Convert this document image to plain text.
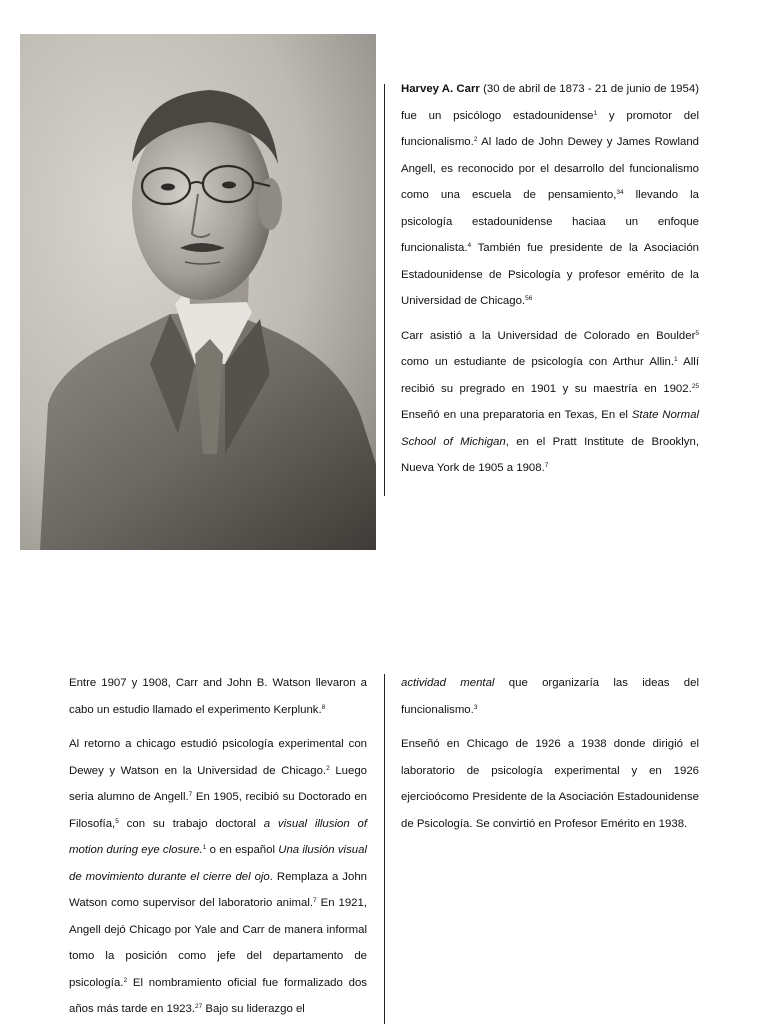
Harvey A. Carr (30 de abril de 1873 - 21 de junio de 1954) fue un psicólogo estadounidense$^1$ y promotor del funcionalismo.$^2$ Al lado de John Dewey y James Rowland Angell, es reconocido por el desarrollo del funcionalismo como una escuela de pensamiento,$^{34}$ llevando la psicología estadounidense haciaa un enfoque funcionalista.$^4$ También fue presidente de la Asociación Estadounidense de Psicología y profesor emérito de la Universidad de Chicago.$^{56}$

Carr asistió a la Universidad de Colorado en Boulder$^5$ como un estudiante de psicología con Arthur Allin.$^1$ Allí recibió su pregrado en 1901 y su maestría en 1902.25 Enseñó en una preparatoria en Texas, En el State Normal School of Michigan, en el Pratt Institute de Brooklyn, Nueva York de 1905 a 1908.$^7$

Entre 1907 y 1908, Carr and John B. Watson llevaron a cabo un estudio llamado el experimento Kerplunk.$^8$

Al retorno a chicago estudió psicología experimental con Dewey y Watson en la Universidad de Chicago.$^2$ Luego seria alumno de Angell.$^7$ En 1905, recibió su Doctorado en Filosofía,$^5$ con su trabajo doctoral a visual illusion of motion during eye closure.$^1$ o en español Una ilusión visual de movimiento durante el cierre del ojo. Remplaza a John Watson como supervisor del laboratorio animal.$^7$ En 1921, Angell dejó Chicago por Yale and Carr de manera informal tomo la posición como jefe del departamento de psicología.$^2$ El nombramiento oficial fue formalizado dos años más tarde en 1923.27 Bajo su liderazgo el

actividad mental que organizaría las ideas del funcionalismo.$^3$

Enseñó en Chicago de 1926 a 1938 donde dirigió el laboratorio de psicología experimental y en 1926 ejercioócomo Presidente de la Asociación Estadounidense de Psicología. Se convirtió en Profesor Emérito en 1938.
